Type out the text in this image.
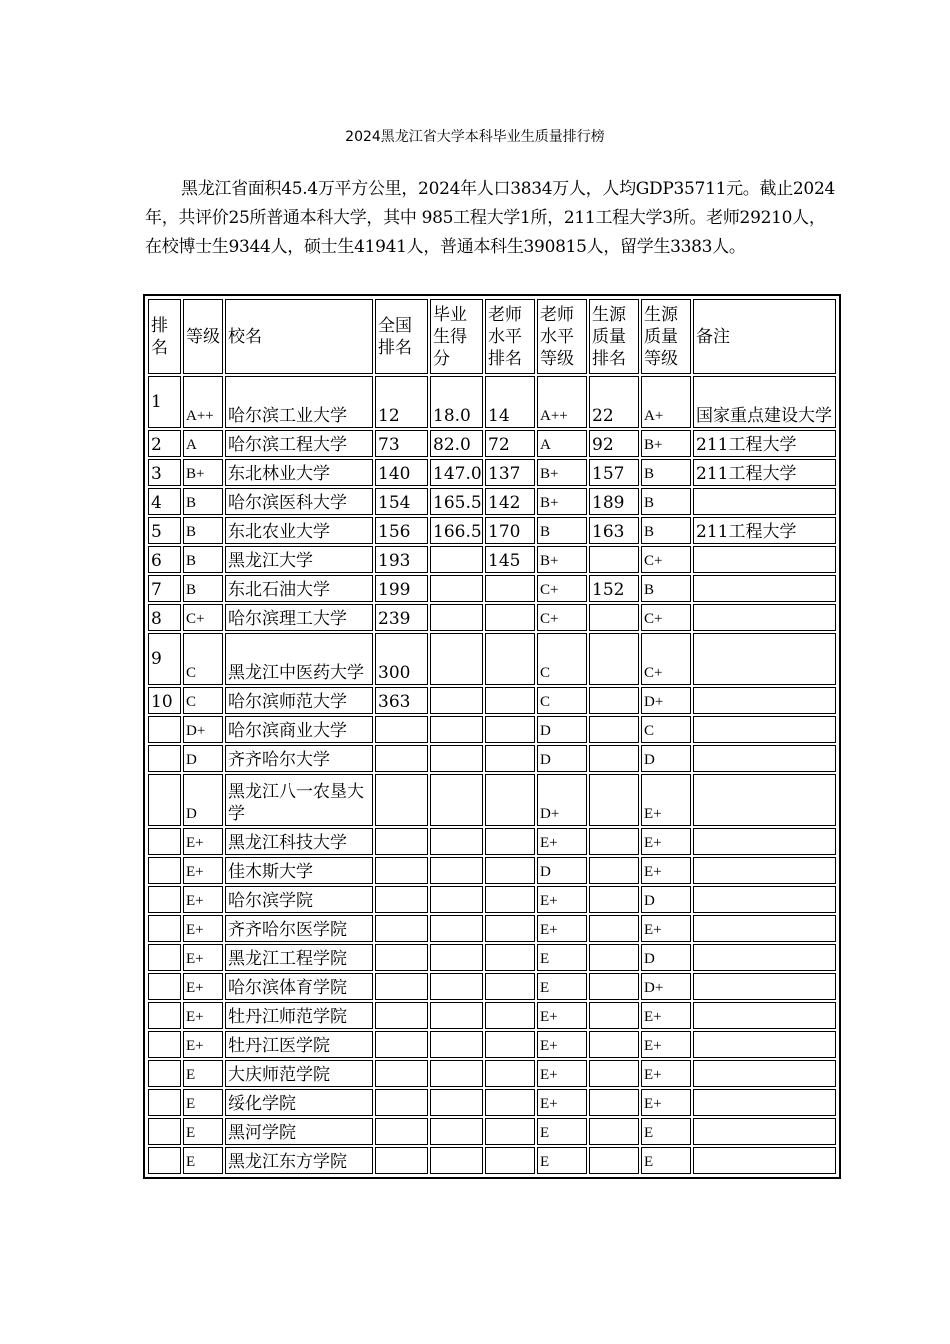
2024黑龙江省大学本科毕业生质量排行榜

黑龙江省面积45.4万平方公里，2024年人口3834万人，人均GDP35711元。截止2024年，共评价25所普通本科大学，其中 985工程大学1所，211工程大学3所。老师29210人，在校博士生9344人，硕士生41941人，普通本科生390815人，留学生3383人。

排名	等级	校名	全国排名	毕业生得分	老师水平排名	老师水平等级	生源质量排名	生源质量等级	备注
1	A++	哈尔滨工业大学	12	18.0	14	A++	22	A+	国家重点建设大学
2	A	哈尔滨工程大学	73	82.0	72	A	92	B+	211工程大学
3	B+	东北林业大学	140	147.0	137	B+	157	B	211工程大学
4	B	哈尔滨医科大学	154	165.5	142	B+	189	B	
5	B	东北农业大学	156	166.5	170	B	163	B	211工程大学
6	B	黑龙江大学	193		145	B+		C+	
7	B	东北石油大学	199			C+	152	B	
8	C+	哈尔滨理工大学	239			C+		C+	
9	C	黑龙江中医药大学	300			C		C+	
10	C	哈尔滨师范大学	363			C		D+	
	D+	哈尔滨商业大学				D		C	
	D	齐齐哈尔大学				D		D	
	D	黑龙江八一农垦大学				D+		E+	
	E+	黑龙江科技大学				E+		E+	
	E+	佳木斯大学				D		E+	
	E+	哈尔滨学院				E+		D	
	E+	齐齐哈尔医学院				E+		E+	
	E+	黑龙江工程学院				E		D	
	E+	哈尔滨体育学院				E		D+	
	E+	牡丹江师范学院				E+		E+	
	E+	牡丹江医学院				E+		E+	
	E	大庆师范学院				E+		E+	
	E	绥化学院				E+		E+	
	E	黑河学院				E		E	
	E	黑龙江东方学院				E		E	
